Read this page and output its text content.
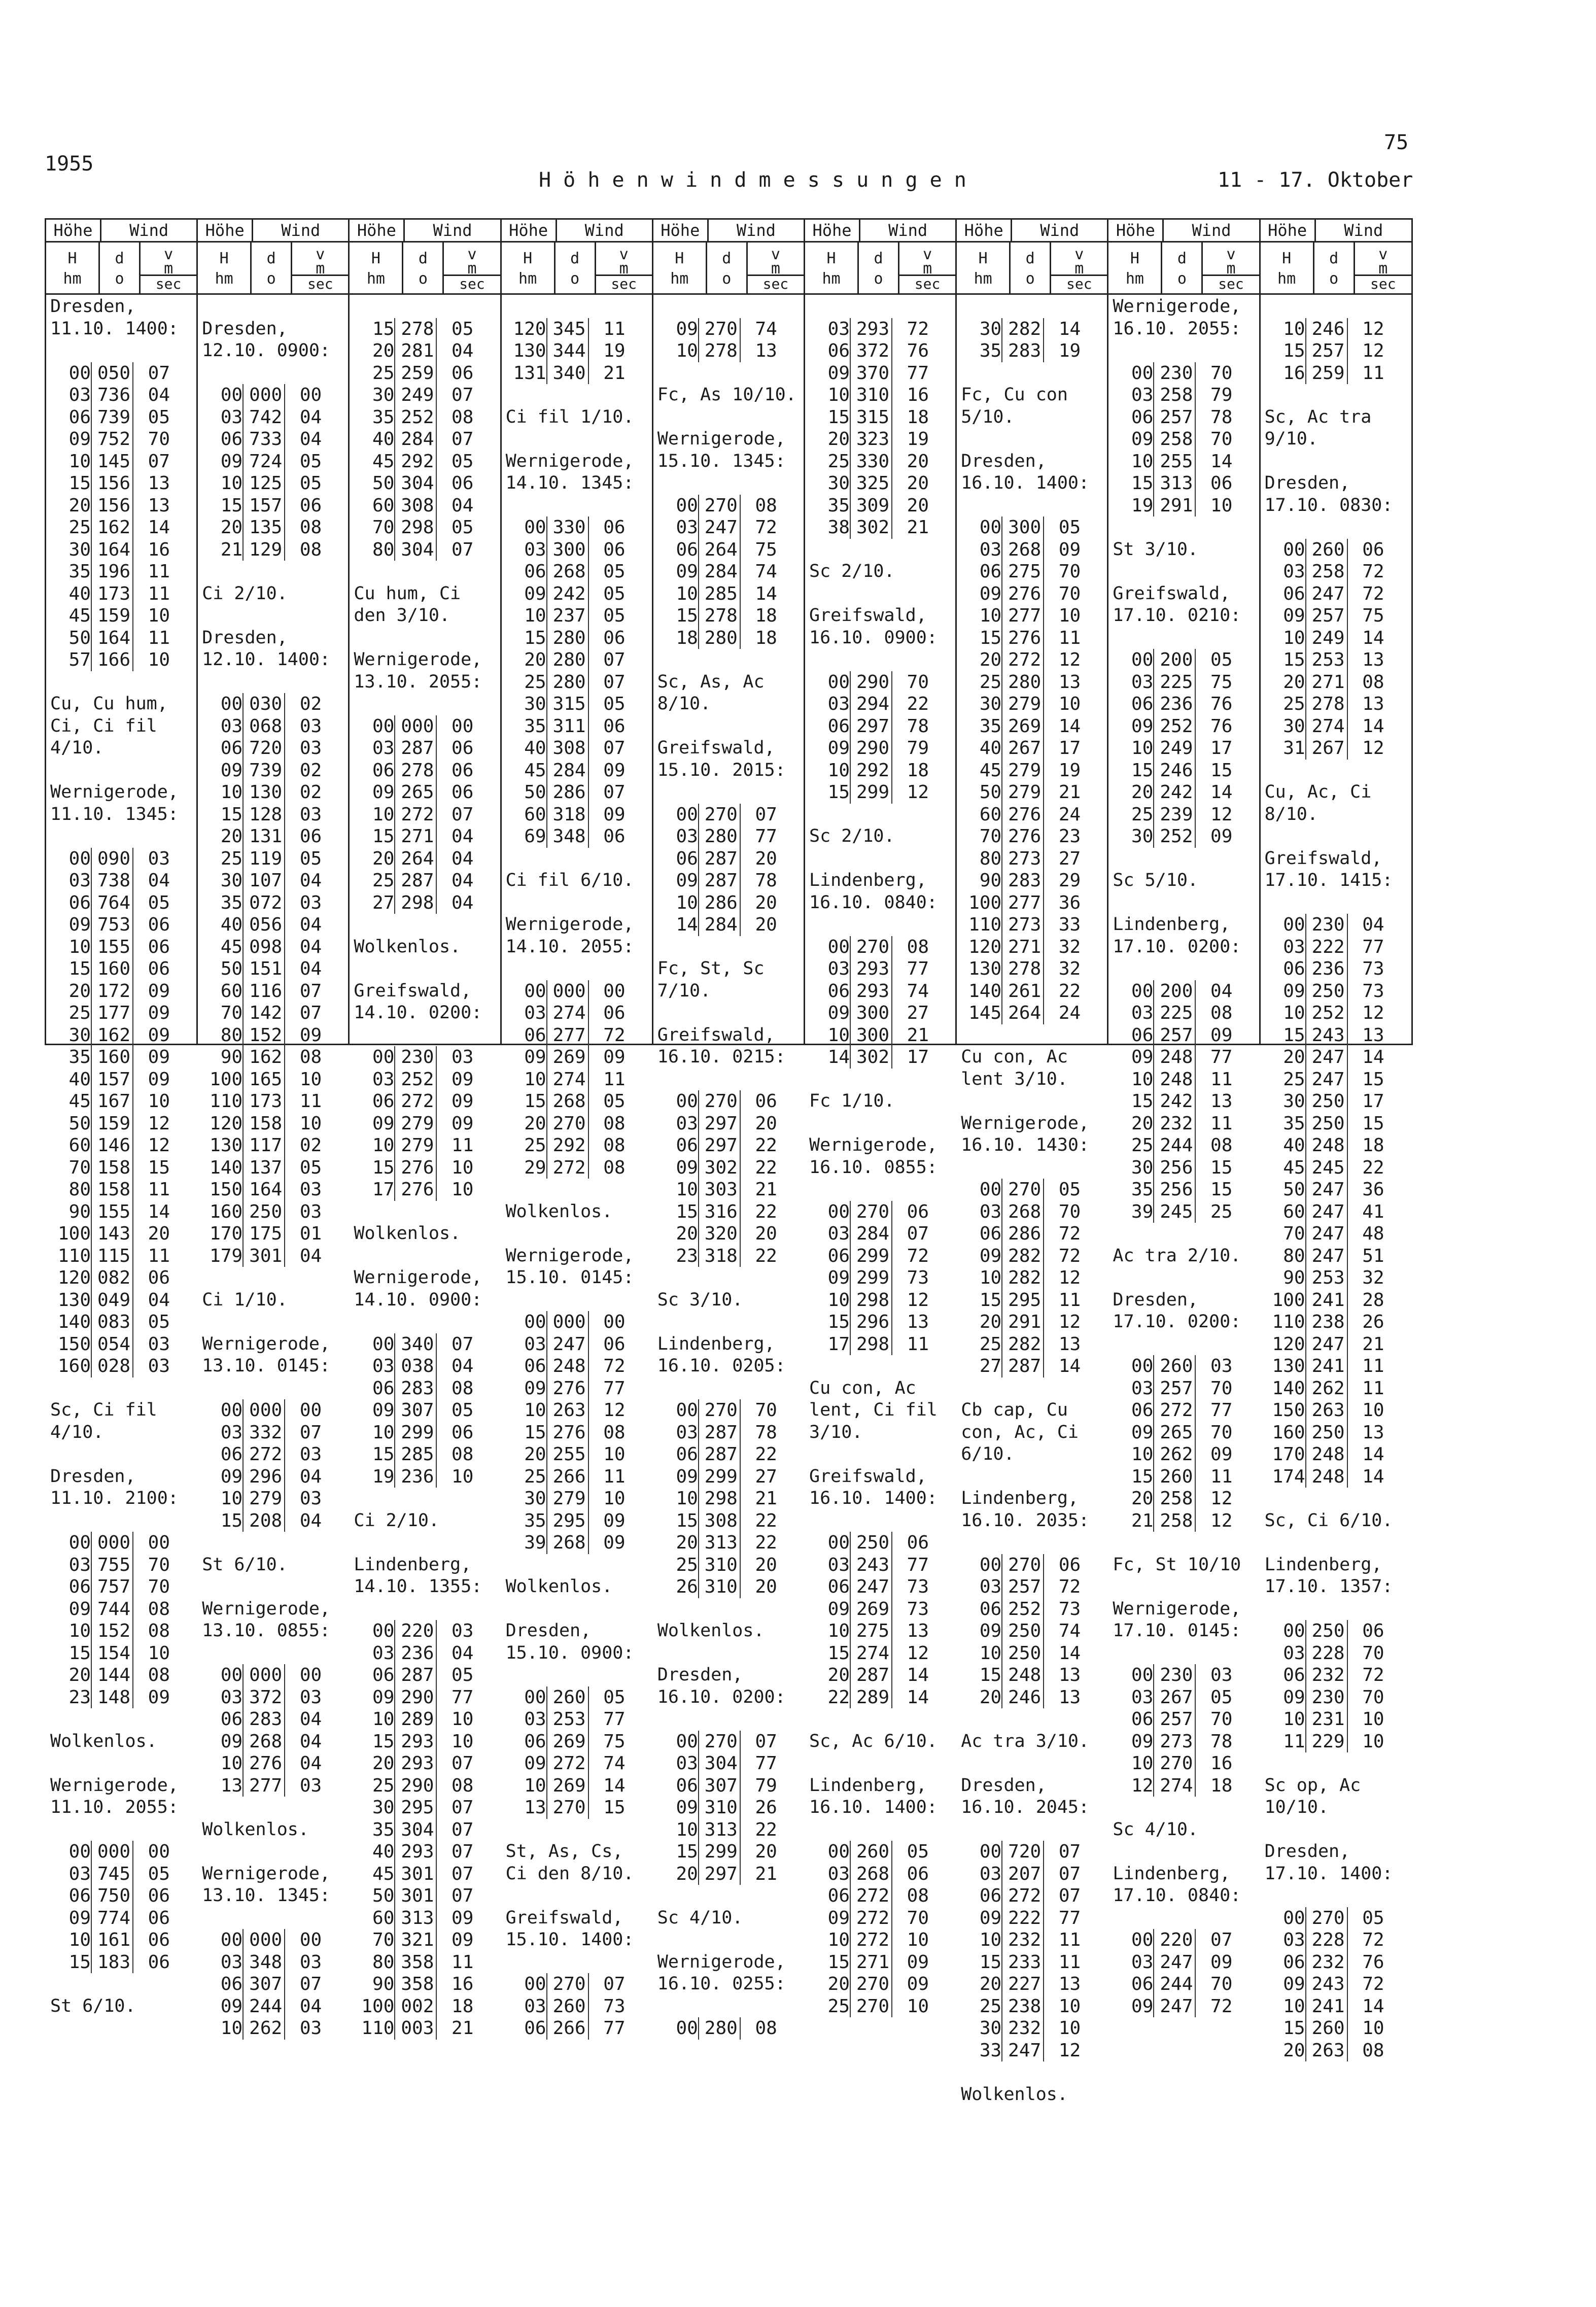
1955
75
H ö h e n w i n d m e s s u n g e n	11 - 17. Oktober
Höhe	Wind
H
hm
d
o
v
m
sec
Dresden,
11.10. 1400:
00 050 07
03 736 04
06 739 05
09 752 70
10 145 07
15 156 13
20 156 13
25 162 14
30 164 16
35 196 11
40 173 11
45 159 10
50 164 11
57 166 10
Cu, Cu hum,
Ci, Ci fil
4/10.
Wernigerode,
11.10. 1345:
00 090 03
03 738 04
06 764 05
09 753 06
10 155 06
15 160 06
20 172 09
25 177 09
30 162 09
35 160 09
40 157 09
45 167 10
50 159 12
60 146 12
70 158 15
80 158 11
90 155 14
100 143 20
110 115 11
120 082 06
130 049 04
140 083 05
150 054 03
160 028 03
Sc, Ci fil
4/10.
Dresden,
11.10. 2100:
00 000 00
03 755 70
06 757 70
09 744 08
10 152 08
15 154 10
20 144 08
23 148 09
Wolkenlos.
Wernigerode,
11.10. 2055:
00 000 00
03 745 05
06 750 06
09 774 06
10 161 06
15 183 06
St 6/10.
Höhe	Wind
H
hm
d
o
v
m
sec
Dresden,
12.10. 0900:
00 000 00
03 742 04
06 733 04
09 724 05
10 125 05
15 157 06
20 135 08
21 129 08
Ci 2/10.
Dresden,
12.10. 1400:
00 030 02
03 068 03
06 720 03
09 739 02
10 130 02
15 128 03
20 131 06
25 119 05
30 107 04
35 072 03
40 056 04
45 098 04
50 151 04
60 116 07
70 142 07
80 152 09
90 162 08
100 165 10
110 173 11
120 158 10
130 117 02
140 137 05
150 164 03
160 250 03
170 175 01
179 301 04
Ci 1/10.
Wernigerode,
13.10. 0145:
00 000 00
03 332 07
06 272 03
09 296 04
10 279 03
15 208 04
St 6/10.
Wernigerode,
13.10. 0855:
00 000 00
03 372 03
06 283 04
09 268 04
10 276 04
13 277 03
Wolkenlos.
Wernigerode,
13.10. 1345:
00 000 00
03 348 03
06 307 07
09 244 04
10 262 03
Höhe	Wind
H
hm
d
o
v
m
sec
15 278 05
20 281 04
25 259 06
30 249 07
35 252 08
40 284 07
45 292 05
50 304 06
60 308 04
70 298 05
80 304 07
Cu hum, Ci
den 3/10.
Wernigerode,
13.10. 2055:
00 000 00
03 287 06
06 278 06
09 265 06
10 272 07
15 271 04
20 264 04
25 287 04
27 298 04
Wolkenlos.
Greifswald,
14.10. 0200:
00 230 03
03 252 09
06 272 09
09 279 09
10 279 11
15 276 10
17 276 10
Wolkenlos.
Wernigerode,
14.10. 0900:
00 340 07
03 038 04
06 283 08
09 307 05
10 299 06
15 285 08
19 236 10
Ci 2/10.
Lindenberg,
14.10. 1355:
00 220 03
03 236 04
06 287 05
09 290 77
10 289 10
15 293 10
20 293 07
25 290 08
30 295 07
35 304 07
40 293 07
45 301 07
50 301 07
60 313 09
70 321 09
80 358 11
90 358 16
100 002 18
110 003 21
Höhe	Wind
H
hm
d
o
v
m
sec
120 345 11
130 344 19
131 340 21
Ci fil 1/10.
Wernigerode,
14.10. 1345:
00 330 06
03 300 06
06 268 05
09 242 05
10 237 05
15 280 06
20 280 07
25 280 07
30 315 05
35 311 06
40 308 07
45 284 09
50 286 07
60 318 09
69 348 06
Ci fil 6/10.
Wernigerode,
14.10. 2055:
00 000 00
03 274 06
06 277 72
09 269 09
10 274 11
15 268 05
20 270 08
25 292 08
29 272 08
Wolkenlos.
Wernigerode,
15.10. 0145:
00 000 00
03 247 06
06 248 72
09 276 77
10 263 12
15 276 08
20 255 10
25 266 11
30 279 10
35 295 09
39 268 09
Wolkenlos.
Dresden,
15.10. 0900:
00 260 05
03 253 77
06 269 75
09 272 74
10 269 14
13 270 15
St, As, Cs,
Ci den 8/10.
Greifswald,
15.10. 1400:
00 270 07
03 260 73
06 266 77
Höhe	Wind
H
hm
d
o
v
m
sec
09 270 74
10 278 13
Fc, As 10/10.
Wernigerode,
15.10. 1345:
00 270 08
03 247 72
06 264 75
09 284 74
10 285 14
15 278 18
18 280 18
Sc, As, Ac
8/10.
Greifswald,
15.10. 2015:
00 270 07
03 280 77
06 287 20
09 287 78
10 286 20
14 284 20
Fc, St, Sc
7/10.
Greifswald,
16.10. 0215:
00 270 06
03 297 20
06 297 22
09 302 22
10 303 21
15 316 22
20 320 20
23 318 22
Sc 3/10.
Lindenberg,
16.10. 0205:
00 270 70
03 287 78
06 287 22
09 299 27
10 298 21
15 308 22
20 313 22
25 310 20
26 310 20
Wolkenlos.
Dresden,
16.10. 0200:
00 270 07
03 304 77
06 307 79
09 310 26
10 313 22
15 299 20
20 297 21
Sc 4/10.
Wernigerode,
16.10. 0255:
00 280 08
Höhe	Wind
H
hm
d
o
v
m
sec
03 293 72
06 372 76
09 370 77
10 310 16
15 315 18
20 323 19
25 330 20
30 325 20
35 309 20
38 302 21
Sc 2/10.
Greifswald,
16.10. 0900:
00 290 70
03 294 22
06 297 78
09 290 79
10 292 18
15 299 12
Sc 2/10.
Lindenberg,
16.10. 0840:
00 270 08
03 293 77
06 293 74
09 300 27
10 300 21
14 302 17
Fc 1/10.
Wernigerode,
16.10. 0855:
00 270 06
03 284 07
06 299 72
09 299 73
10 298 12
15 296 13
17 298 11
Cu con, Ac
lent, Ci fil
3/10.
Greifswald,
16.10. 1400:
00 250 06
03 243 77
06 247 73
09 269 73
10 275 13
15 274 12
20 287 14
22 289 14
Sc, Ac 6/10.
Lindenberg,
16.10. 1400:
00 260 05
03 268 06
06 272 08
09 272 70
10 272 10
15 271 09
20 270 09
25 270 10
Höhe	Wind
H
hm
d
o
v
m
sec
30 282 14
35 283 19
Fc, Cu con
5/10.
Dresden,
16.10. 1400:
00 300 05
03 268 09
06 275 70
09 276 70
10 277 10
15 276 11
20 272 12
25 280 13
30 279 10
35 269 14
40 267 17
45 279 19
50 279 21
60 276 24
70 276 23
80 273 27
90 283 29
100 277 36
110 273 33
120 271 32
130 278 32
140 261 22
145 264 24
Cu con, Ac
lent 3/10.
Wernigerode,
16.10. 1430:
00 270 05
03 268 70
06 286 72
09 282 72
10 282 12
15 295 11
20 291 12
25 282 13
27 287 14
Cb cap, Cu
con, Ac, Ci
6/10.
Lindenberg,
16.10. 2035:
00 270 06
03 257 72
06 252 73
09 250 74
10 250 14
15 248 13
20 246 13
Ac tra 3/10.
Dresden,
16.10. 2045:
00 720 07
03 207 07
06 272 07
09 222 77
10 232 11
15 233 11
20 227 13
25 238 10
30 232 10
33 247 12
Wolkenlos.
Höhe	Wind
H
hm
d
o
v
m
sec
Wernigerode,
16.10. 2055:
00 230 70
03 258 79
06 257 78
09 258 70
10 255 14
15 313 06
19 291 10
St 3/10.
Greifswald,
17.10. 0210:
00 200 05
03 225 75
06 236 76
09 252 76
10 249 17
15 246 15
20 242 14
25 239 12
30 252 09
Sc 5/10.
Lindenberg,
17.10. 0200:
00 200 04
03 225 08
06 257 09
09 248 77
10 248 11
15 242 13
20 232 11
25 244 08
30 256 15
35 256 15
39 245 25
Ac tra 2/10.
Dresden,
17.10. 0200:
00 260 03
03 257 70
06 272 77
09 265 70
10 262 09
15 260 11
20 258 12
21 258 12
Fc, St 10/10
Wernigerode,
17.10. 0145:
00 230 03
03 267 05
06 257 70
09 273 78
10 270 16
12 274 18
Sc 4/10.
Lindenberg,
17.10. 0840:
00 220 07
03 247 09
06 244 70
09 247 72
Höhe	Wind
H
hm
d
o
v
m
sec
10 246 12
15 257 12
16 259 11
Sc, Ac tra
9/10.
Dresden,
17.10. 0830:
00 260 06
03 258 72
06 247 72
09 257 75
10 249 14
15 253 13
20 271 08
25 278 13
30 274 14
31 267 12
Cu, Ac, Ci
8/10.
Greifswald,
17.10. 1415:
00 230 04
03 222 77
06 236 73
09 250 73
10 252 12
15 243 13
20 247 14
25 247 15
30 250 17
35 250 15
40 248 18
45 245 22
50 247 36
60 247 41
70 247 48
80 247 51
90 253 32
100 241 28
110 238 26
120 247 21
130 241 11
140 262 11
150 263 10
160 250 13
170 248 14
174 248 14
Sc, Ci 6/10.
Lindenberg,
17.10. 1357:
00 250 06
03 228 70
06 232 72
09 230 70
10 231 10
11 229 10
Sc op, Ac
10/10.
Dresden,
17.10. 1400:
00 270 05
03 228 72
06 232 76
09 243 72
10 241 14
15 260 10
20 263 08
